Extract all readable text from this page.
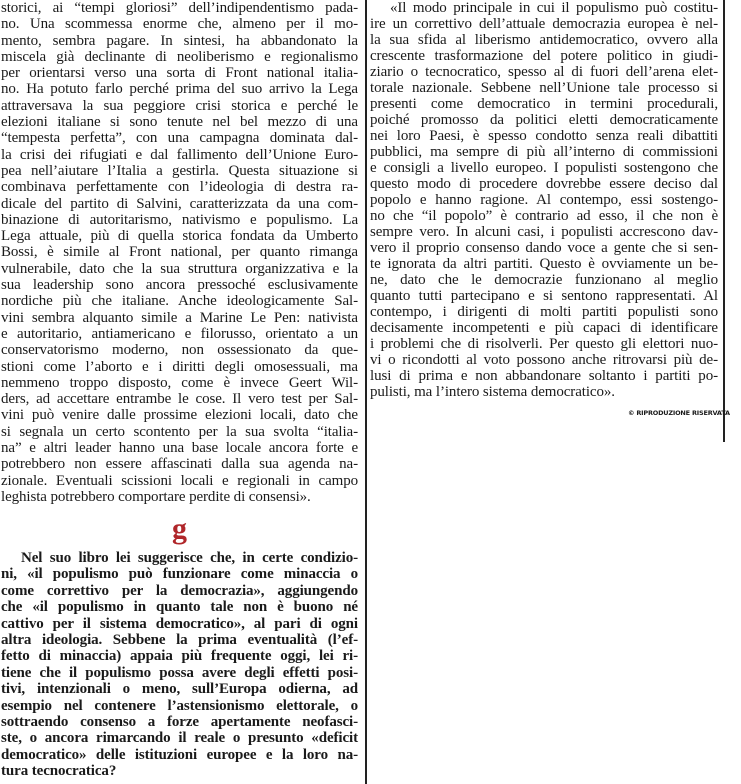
storici, ai “tempi gloriosi” dell’indipendentismo pada-
no. Una scommessa enorme che, almeno per il mo-
mento, sembra pagare. In sintesi, ha abbandonato la
miscela già declinante di neoliberismo e regionalismo
per orientarsi verso una sorta di Front national italia-
no. Ha potuto farlo perché prima del suo arrivo la Lega
attraversava la sua peggiore crisi storica e perché le
elezioni italiane si sono tenute nel bel mezzo di una
“tempesta perfetta”, con una campagna dominata dal-
la crisi dei rifugiati e dal fallimento dell’Unione Euro-
pea nell’aiutare l’Italia a gestirla. Questa situazione si
combinava perfettamente con l’ideologia di destra ra-
dicale del partito di Salvini, caratterizzata da una com-
binazione di autoritarismo, nativismo e populismo. La
Lega attuale, più di quella storica fondata da Umberto
Bossi, è simile al Front national, per quanto rimanga
vulnerabile, dato che la sua struttura organizzativa e la
sua leadership sono ancora pressoché esclusivamente
nordiche più che italiane. Anche ideologicamente Sal-
vini sembra alquanto simile a Marine Le Pen: nativista
e autoritario, antiamericano e filorusso, orientato a un
conservatorismo moderno, non ossessionato da que-
stioni come l’aborto e i diritti degli omosessuali, ma
nemmeno troppo disposto, come è invece Geert Wil-
ders, ad accettare entrambe le cose. Il vero test per Sal-
vini può venire dalle prossime elezioni locali, dato che
si segnala un certo scontento per la sua svolta “italia-
na” e altri leader hanno una base locale ancora forte e
potrebbero non essere affascinati dalla sua agenda na-
zionale. Eventuali scissioni locali e regionali in campo
leghista potrebbero comportare perdite di consensi».
g
Nel suo libro lei suggerisce che, in certe condizio-
ni, «il populismo può funzionare come minaccia o
come correttivo per la democrazia», aggiungendo
che «il populismo in quanto tale non è buono né
cattivo per il sistema democratico», al pari di ogni
altra ideologia. Sebbene la prima eventualità (l’ef-
fetto di minaccia) appaia più frequente oggi, lei ri-
tiene che il populismo possa avere degli effetti posi-
tivi, intenzionali o meno, sull’Europa odierna, ad
esempio nel contenere l’astensionismo elettorale, o
sottraendo consenso a forze apertamente neofasci-
ste, o ancora rimarcando il reale o presunto «deficit
democratico» delle istituzioni europee e la loro na-
tura tecnocratica?
«Il modo principale in cui il populismo può costitu-
ire un correttivo dell’attuale democrazia europea è nel-
la sua sfida al liberismo antidemocratico, ovvero alla
crescente trasformazione del potere politico in giudi-
ziario o tecnocratico, spesso al di fuori dell’arena elet-
torale nazionale. Sebbene nell’Unione tale processo si
presenti come democratico in termini procedurali,
poiché promosso da politici eletti democraticamente
nei loro Paesi, è spesso condotto senza reali dibattiti
pubblici, ma sempre di più all’interno di commissioni
e consigli a livello europeo. I populisti sostengono che
questo modo di procedere dovrebbe essere deciso dal
popolo e hanno ragione. Al contempo, essi sostengo-
no che “il popolo” è contrario ad esso, il che non è
sempre vero. In alcuni casi, i populisti accrescono dav-
vero il proprio consenso dando voce a gente che si sen-
te ignorata da altri partiti. Questo è ovviamente un be-
ne, dato che le democrazie funzionano al meglio
quanto tutti partecipano e si sentono rappresentati. Al
contempo, i dirigenti di molti partiti populisti sono
decisamente incompetenti e più capaci di identificare
i problemi che di risolverli. Per questo gli elettori nuo-
vi o ricondotti al voto possono anche ritrovarsi più de-
lusi di prima e non abbandonare soltanto i partiti po-
pulisti, ma l’intero sistema democratico».
© RIPRODUZIONE RISERVATA
